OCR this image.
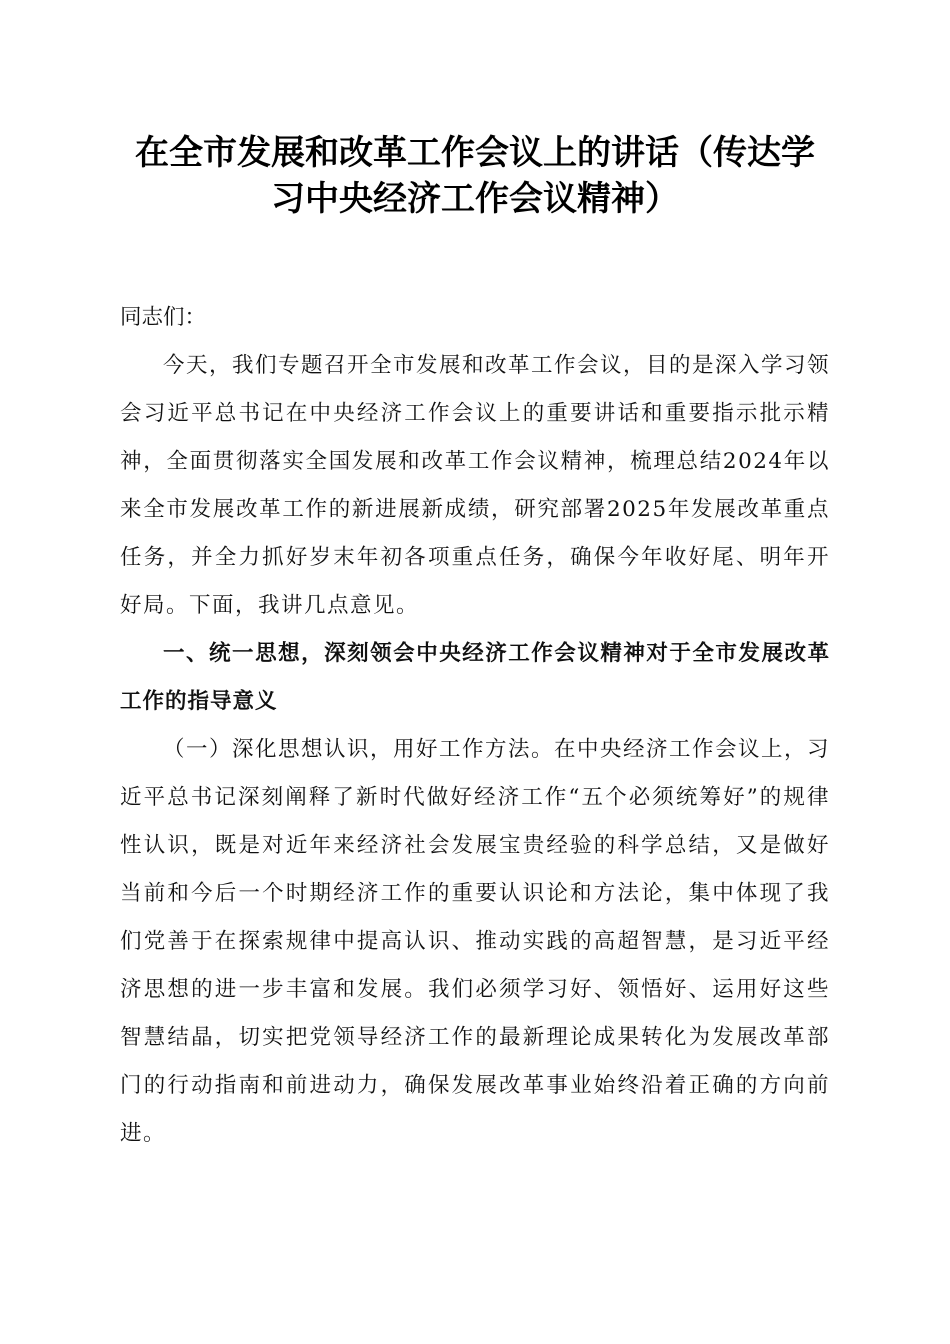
在全市发展和改革工作会议上的讲话（传达学
习中央经济工作会议精神）

同志们：

今天，我们专题召开全市发展和改革工作会议，目的是深入学习领会习近平总书记在中央经济工作会议上的重要讲话和重要指示批示精神，全面贯彻落实全国发展和改革工作会议精神，梳理总结2024年以来全市发展改革工作的新进展新成绩，研究部署2025年发展改革重点任务，并全力抓好岁末年初各项重点任务，确保今年收好尾、明年开好局。下面，我讲几点意见。

一、统一思想，深刻领会中央经济工作会议精神对于全市发展改革工作的指导意义

（一）深化思想认识，用好工作方法。在中央经济工作会议上，习近平总书记深刻阐释了新时代做好经济工作“五个必须统筹好”的规律性认识，既是对近年来经济社会发展宝贵经验的科学总结，又是做好当前和今后一个时期经济工作的重要认识论和方法论，集中体现了我们党善于在探索规律中提高认识、推动实践的高超智慧，是习近平经济思想的进一步丰富和发展。我们必须学习好、领悟好、运用好这些智慧结晶，切实把党领导经济工作的最新理论成果转化为发展改革部门的行动指南和前进动力，确保发展改革事业始终沿着正确的方向前进。
